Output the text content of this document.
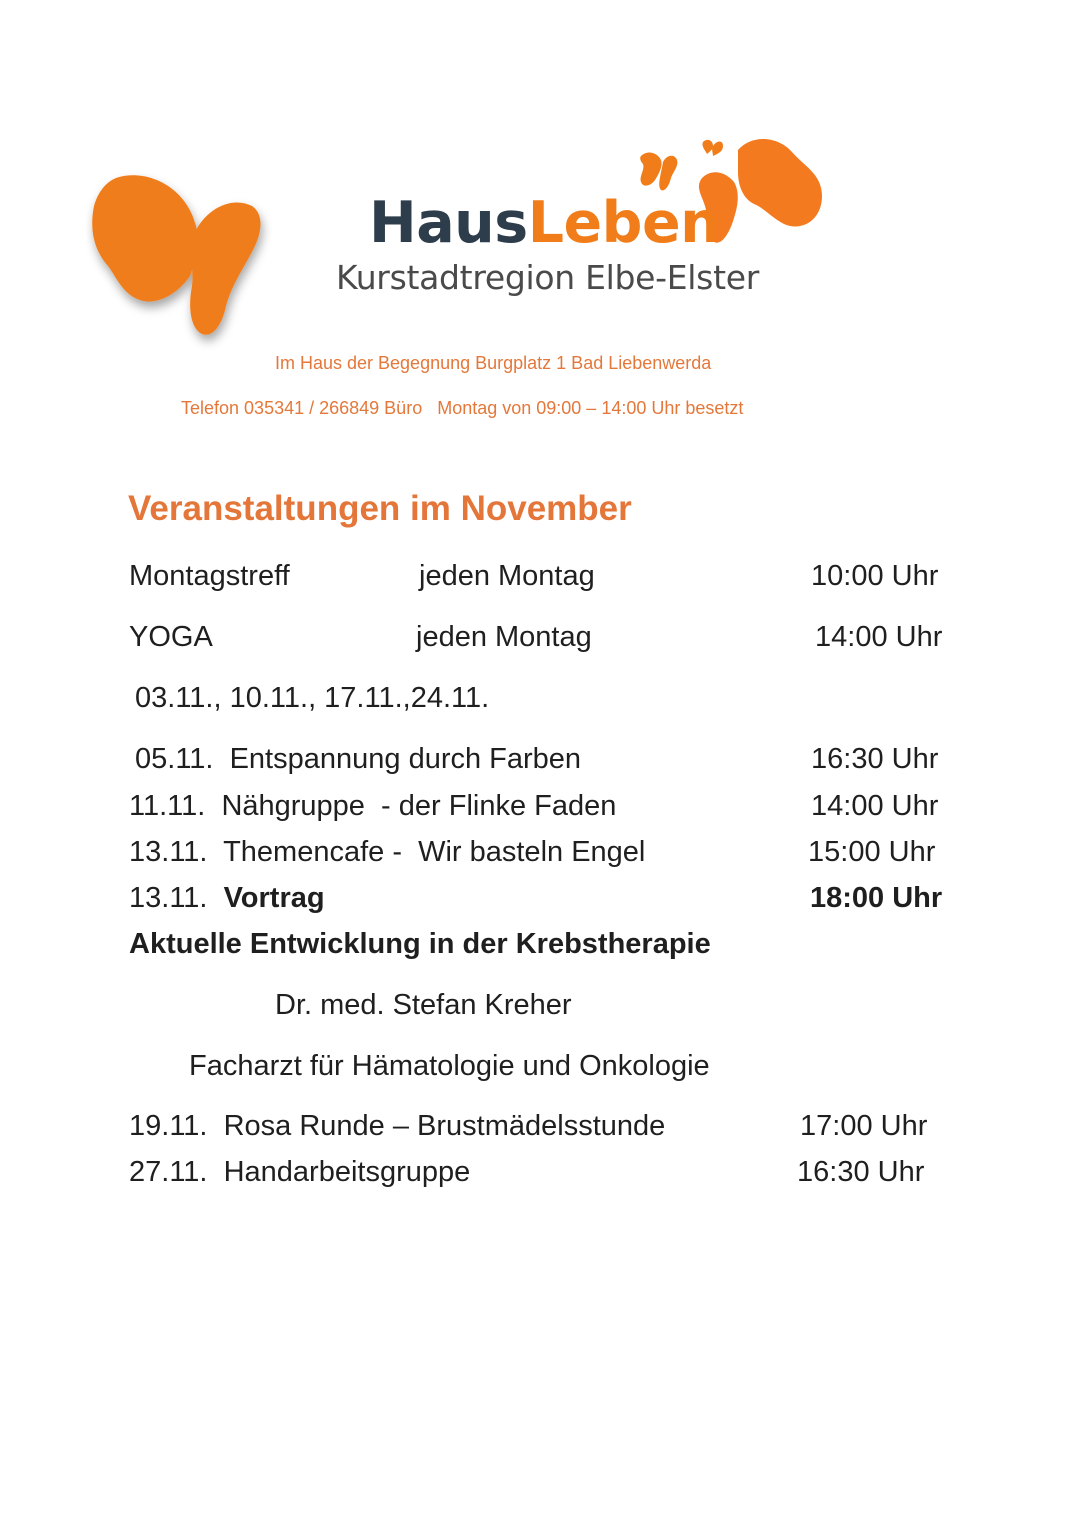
HausLeben
Kurstadtregion Elbe-Elster
Im Haus der Begegnung Burgplatz 1 Bad Liebenwerda
Telefon 035341 / 266849 Büro   Montag von 09:00 – 14:00 Uhr besetzt
Veranstaltungen im November
Montagstreff	jeden Montag	10:00 Uhr
YOGA	jeden Montag	14:00 Uhr
03.11., 10.11., 17.11.,24.11.
05.11.  Entspannung durch Farben	16:30 Uhr
11.11.  Nähgruppe  - der Flinke Faden	14:00 Uhr
13.11.  Themencafe -  Wir basteln Engel	15:00 Uhr
13.11. Vortrag	18:00 Uhr
Aktuelle Entwicklung in der Krebstherapie
Dr. med. Stefan Kreher
Facharzt für Hämatologie und Onkologie
19.11.  Rosa Runde – Brustmädelsstunde	17:00 Uhr
27.11.  Handarbeitsgruppe	16:30 Uhr
